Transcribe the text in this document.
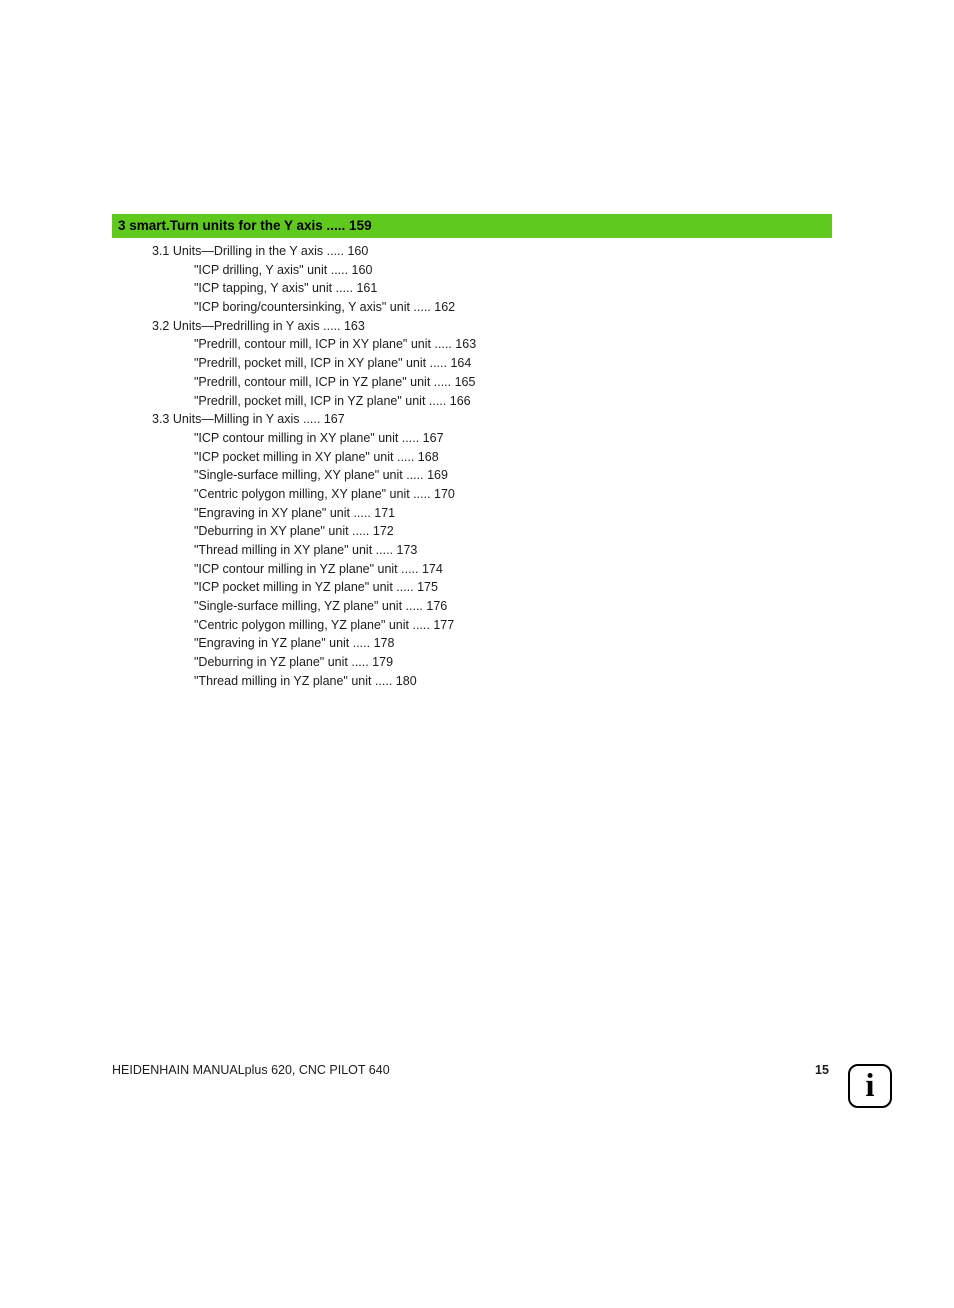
3 smart.Turn units for the Y axis ..... 159
3.1 Units—Drilling in the Y axis ..... 160
"ICP drilling, Y axis" unit ..... 160
"ICP tapping, Y axis" unit ..... 161
"ICP boring/countersinking, Y axis" unit ..... 162
3.2 Units—Predrilling in Y axis ..... 163
"Predrill, contour mill, ICP in XY plane" unit ..... 163
"Predrill, pocket mill, ICP in XY plane" unit ..... 164
"Predrill, contour mill, ICP in YZ plane" unit ..... 165
"Predrill, pocket mill, ICP in YZ plane" unit ..... 166
3.3 Units—Milling in Y axis ..... 167
"ICP contour milling in XY plane" unit ..... 167
"ICP pocket milling in XY plane" unit ..... 168
"Single-surface milling, XY plane" unit ..... 169
"Centric polygon milling, XY plane" unit ..... 170
"Engraving in XY plane" unit ..... 171
"Deburring in XY plane" unit ..... 172
"Thread milling in XY plane" unit ..... 173
"ICP contour milling in YZ plane" unit ..... 174
"ICP pocket milling in YZ plane" unit ..... 175
"Single-surface milling, YZ plane" unit ..... 176
"Centric polygon milling, YZ plane" unit ..... 177
"Engraving in YZ plane" unit ..... 178
"Deburring in YZ plane" unit ..... 179
"Thread milling in YZ plane" unit ..... 180
HEIDENHAIN MANUALplus 620, CNC PILOT 640	15	i
